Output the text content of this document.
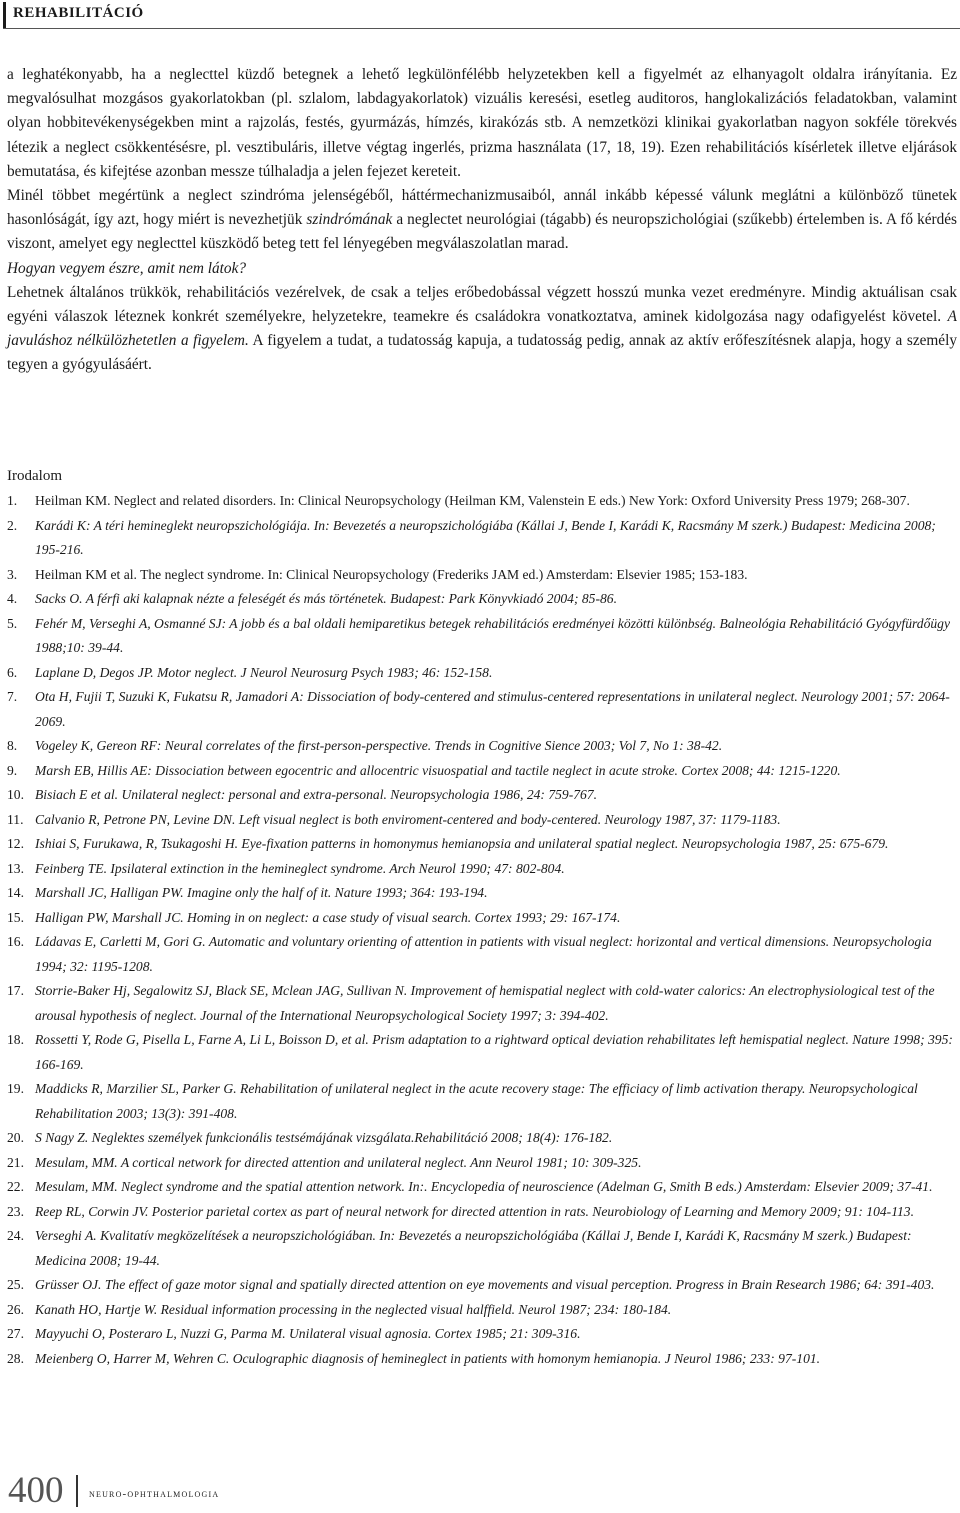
REHABILITÁCIÓ

a leghatékonyabb, ha a neglecttel küzdő betegnek a lehető legkülönfélébb helyzetekben kell a figyelmét az elhanyagolt oldalra irányítania. Ez megvalósulhat mozgásos gyakorlatokban (pl. szlalom, labdagyakorlatok) vizuális keresési, esetleg auditoros, hanglokalizációs feladatokban, valamint olyan hobbitevékenységekben mint a rajzolás, festés, gyurmázás, hímzés, kirakózás stb. A nemzetközi klinikai gyakorlatban nagyon sokféle törekvés létezik a neglect csökkentésésre, pl. vesztibuláris, illetve végtag ingerlés, prizma használata (17, 18, 19). Ezen rehabilitációs kísérletek illetve eljárások bemutatása, és kifejtése azonban messze túlhaladja a jelen fejezet kereteit.

Minél többet megértünk a neglect szindróma jelenségéből, háttérmechanizmusaiból, annál inkább képessé válunk meglátni a különböző tünetek hasonlóságát, így azt, hogy miért is nevezhetjük szindrómának a neglectet neurológiai (tágabb) és neuropszichológiai (szűkebb) értelemben is. A fő kérdés viszont, amelyet egy neglecttel küszködő beteg tett fel lényegében megválaszolatlan marad.

Hogyan vegyem észre, amit nem látok?

Lehetnek általános trükkök, rehabilitációs vezérelvek, de csak a teljes erőbedobással végzett hosszú munka vezet eredményre. Mindig aktuálisan csak egyéni válaszok léteznek konkrét személyekre, helyzetekre, teamekre és családokra vonatkoztatva, aminek kidolgozása nagy odafigyelést követel. A javuláshoz nélkülözhetetlen a figyelem. A figyelem a tudat, a tudatosság kapuja, a tudatosság pedig, annak az aktív erőfeszítésnek alapja, hogy a személy tegyen a gyógyulásáért.

Irodalom
1. Heilman KM. Neglect and related disorders. In: Clinical Neuropsychology (Heilman KM, Valenstein E eds.) New York: Oxford University Press 1979; 268-307.
2. Karádi K: A téri hemineglekt neuropszichológiája. In: Bevezetés a neuropszichológiába (Kállai J, Bende I, Karádi K, Racsmány M szerk.) Budapest: Medicina 2008; 195-216.
3. Heilman KM et al. The neglect syndrome. In: Clinical Neuropsychology (Frederiks JAM ed.) Amsterdam: Elsevier 1985; 153-183.
4. Sacks O. A férfi aki kalapnak nézte a feleségét és más történetek. Budapest: Park Könyvkiadó 2004; 85-86.
5. Fehér M, Verseghi A, Osmanné SJ: A jobb és a bal oldali hemiparetikus betegek rehabilitációs eredményei közötti különbség. Balneológia Rehabilitáció Gyógyfürdőügy 1988;10: 39-44.
6. Laplane D, Degos JP. Motor neglect. J Neurol Neurosurg Psych 1983; 46: 152-158.
7. Ota H, Fujii T, Suzuki K, Fukatsu R, Jamadori A: Dissociation of body-centered and stimulus-centered representations in unilateral neglect. Neurology 2001; 57: 2064-2069.
8. Vogeley K, Gereon RF: Neural correlates of the first-person-perspective. Trends in Cognitive Sience 2003; Vol 7, No 1: 38-42.
9. Marsh EB, Hillis AE: Dissociation between egocentric and allocentric visuospatial and tactile neglect in acute stroke. Cortex 2008; 44: 1215-1220.
10. Bisiach E et al. Unilateral neglect: personal and extra-personal. Neuropsychologia 1986, 24: 759-767.
11. Calvanio R, Petrone PN, Levine DN. Left visual neglect is both enviroment-centered and body-centered. Neurology 1987, 37: 1179-1183.
12. Ishiai S, Furukawa, R, Tsukagoshi H. Eye-fixation patterns in homonymus hemianopsia and unilateral spatial neglect. Neuropsychologia 1987, 25: 675-679.
13. Feinberg TE. Ipsilateral extinction in the hemineglect syndrome. Arch Neurol 1990; 47: 802-804.
14. Marshall JC, Halligan PW. Imagine only the half of it. Nature 1993; 364: 193-194.
15. Halligan PW, Marshall JC. Homing in on neglect: a case study of visual search. Cortex 1993; 29: 167-174.
16. Ládavas E, Carletti M, Gori G. Automatic and voluntary orienting of attention in patients with visual neglect: horizontal and vertical dimensions. Neuropsychologia 1994; 32: 1195-1208.
17. Storrie-Baker Hj, Segalowitz SJ, Black SE, Mclean JAG, Sullivan N. Improvement of hemispatial neglect with cold-water calorics: An electrophysiological test of the arousal hypothesis of neglect. Journal of the International Neuropsychological Society 1997; 3: 394-402.
18. Rossetti Y, Rode G, Pisella L, Farne A, Li L, Boisson D, et al. Prism adaptation to a rightward optical deviation rehabilitates left hemispatial neglect. Nature 1998; 395: 166-169.
19. Maddicks R, Marzilier SL, Parker G. Rehabilitation of unilateral neglect in the acute recovery stage: The efficiacy of limb activation therapy. Neuropsychological Rehabilitation 2003; 13(3): 391-408.
20. S Nagy Z. Neglektes személyek funkcionális testsémájának vizsgálata.Rehabilitáció 2008; 18(4): 176-182.
21. Mesulam, MM. A cortical network for directed attention and unilateral neglect. Ann Neurol 1981; 10: 309-325.
22. Mesulam, MM. Neglect syndrome and the spatial attention network. In:. Encyclopedia of neuroscience (Adelman G, Smith B eds.) Amsterdam: Elsevier 2009; 37-41.
23. Reep RL, Corwin JV. Posterior parietal cortex as part of neural network for directed attention in rats. Neurobiology of Learning and Memory 2009; 91: 104-113.
24. Verseghi A. Kvalitatív megközelítések a neuropszichológiában. In: Bevezetés a neuropszichológiába (Kállai J, Bende I, Karádi K, Racsmány M szerk.) Budapest: Medicina 2008; 19-44.
25. Grüsser OJ. The effect of gaze motor signal and spatially directed attention on eye movements and visual perception. Progress in Brain Research 1986; 64: 391-403.
26. Kanath HO, Hartje W. Residual information processing in the neglected visual halffield. Neurol 1987; 234: 180-184.
27. Mayyuchi O, Posteraro L, Nuzzi G, Parma M. Unilateral visual agnosia. Cortex 1985; 21: 309-316.
28. Meienberg O, Harrer M, Wehren C. Oculographic diagnosis of hemineglect in patients with homonym hemianopia. J Neurol 1986; 233: 97-101.
400 neuro-ophthalmologia
